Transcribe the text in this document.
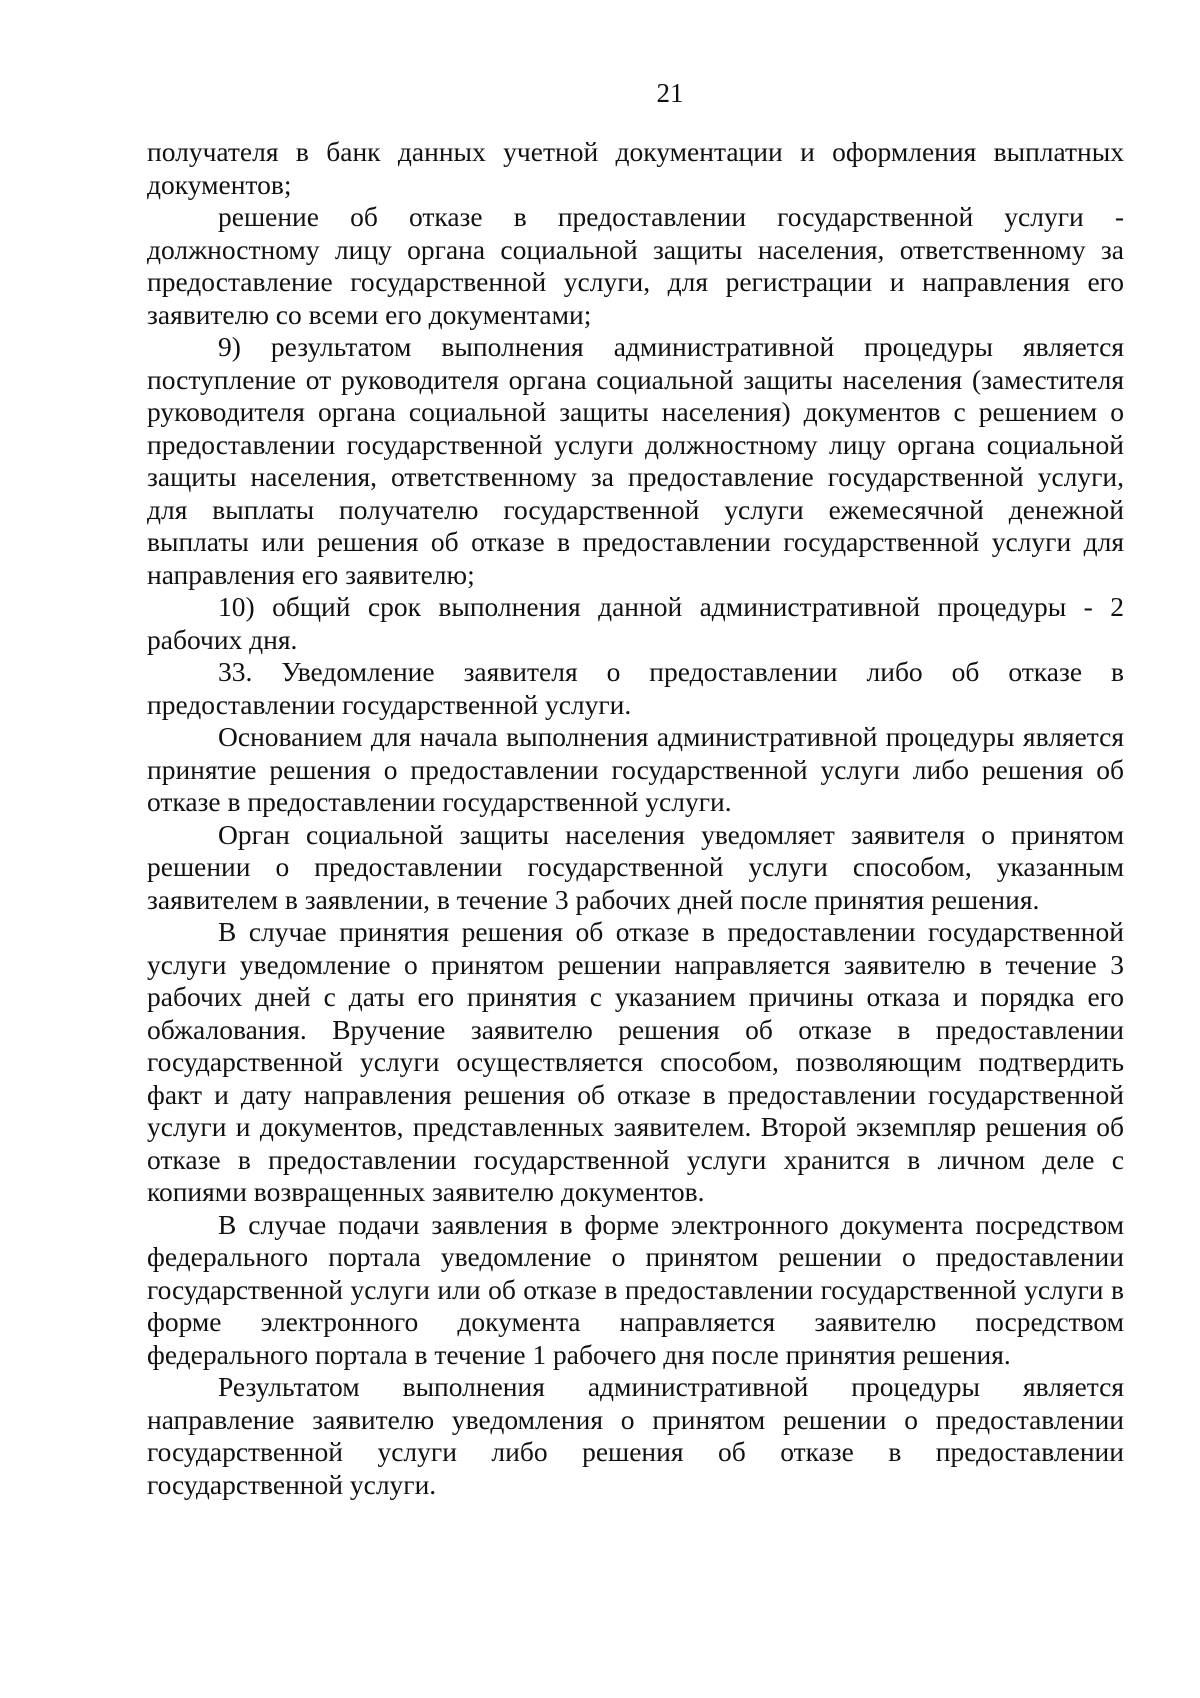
21

получателя в банк данных учетной документации и оформления выплатных документов;

решение об отказе в предоставлении государственной услуги - должностному лицу органа социальной защиты населения, ответственному за предоставление государственной услуги, для регистрации и направления его заявителю со всеми его документами;

9) результатом выполнения административной процедуры является поступление от руководителя органа социальной защиты населения (заместителя руководителя органа социальной защиты населения) документов с решением о предоставлении государственной услуги должностному лицу органа социальной защиты населения, ответственному за предоставление государственной услуги, для выплаты получателю государственной услуги ежемесячной денежной выплаты или решения об отказе в предоставлении государственной услуги для направления его заявителю;

10) общий срок выполнения данной административной процедуры - 2 рабочих дня.

33. Уведомление заявителя о предоставлении либо об отказе в предоставлении государственной услуги.

Основанием для начала выполнения административной процедуры является принятие решения о предоставлении государственной услуги либо решения об отказе в предоставлении государственной услуги.

Орган социальной защиты населения уведомляет заявителя о принятом решении о предоставлении государственной услуги способом, указанным заявителем в заявлении, в течение 3 рабочих дней после принятия решения.

В случае принятия решения об отказе в предоставлении государственной услуги уведомление о принятом решении направляется заявителю в течение 3 рабочих дней с даты его принятия с указанием причины отказа и порядка его обжалования. Вручение заявителю решения об отказе в предоставлении государственной услуги осуществляется способом, позволяющим подтвердить факт и дату направления решения об отказе в предоставлении государственной услуги и документов, представленных заявителем. Второй экземпляр решения об отказе в предоставлении государственной услуги хранится в личном деле с копиями возвращенных заявителю документов.

В случае подачи заявления в форме электронного документа посредством федерального портала уведомление о принятом решении о предоставлении государственной услуги или об отказе в предоставлении государственной услуги в форме электронного документа направляется заявителю посредством федерального портала в течение 1 рабочего дня после принятия решения.

Результатом выполнения административной процедуры является направление заявителю уведомления о принятом решении о предоставлении государственной услуги либо решения об отказе в предоставлении государственной услуги.
